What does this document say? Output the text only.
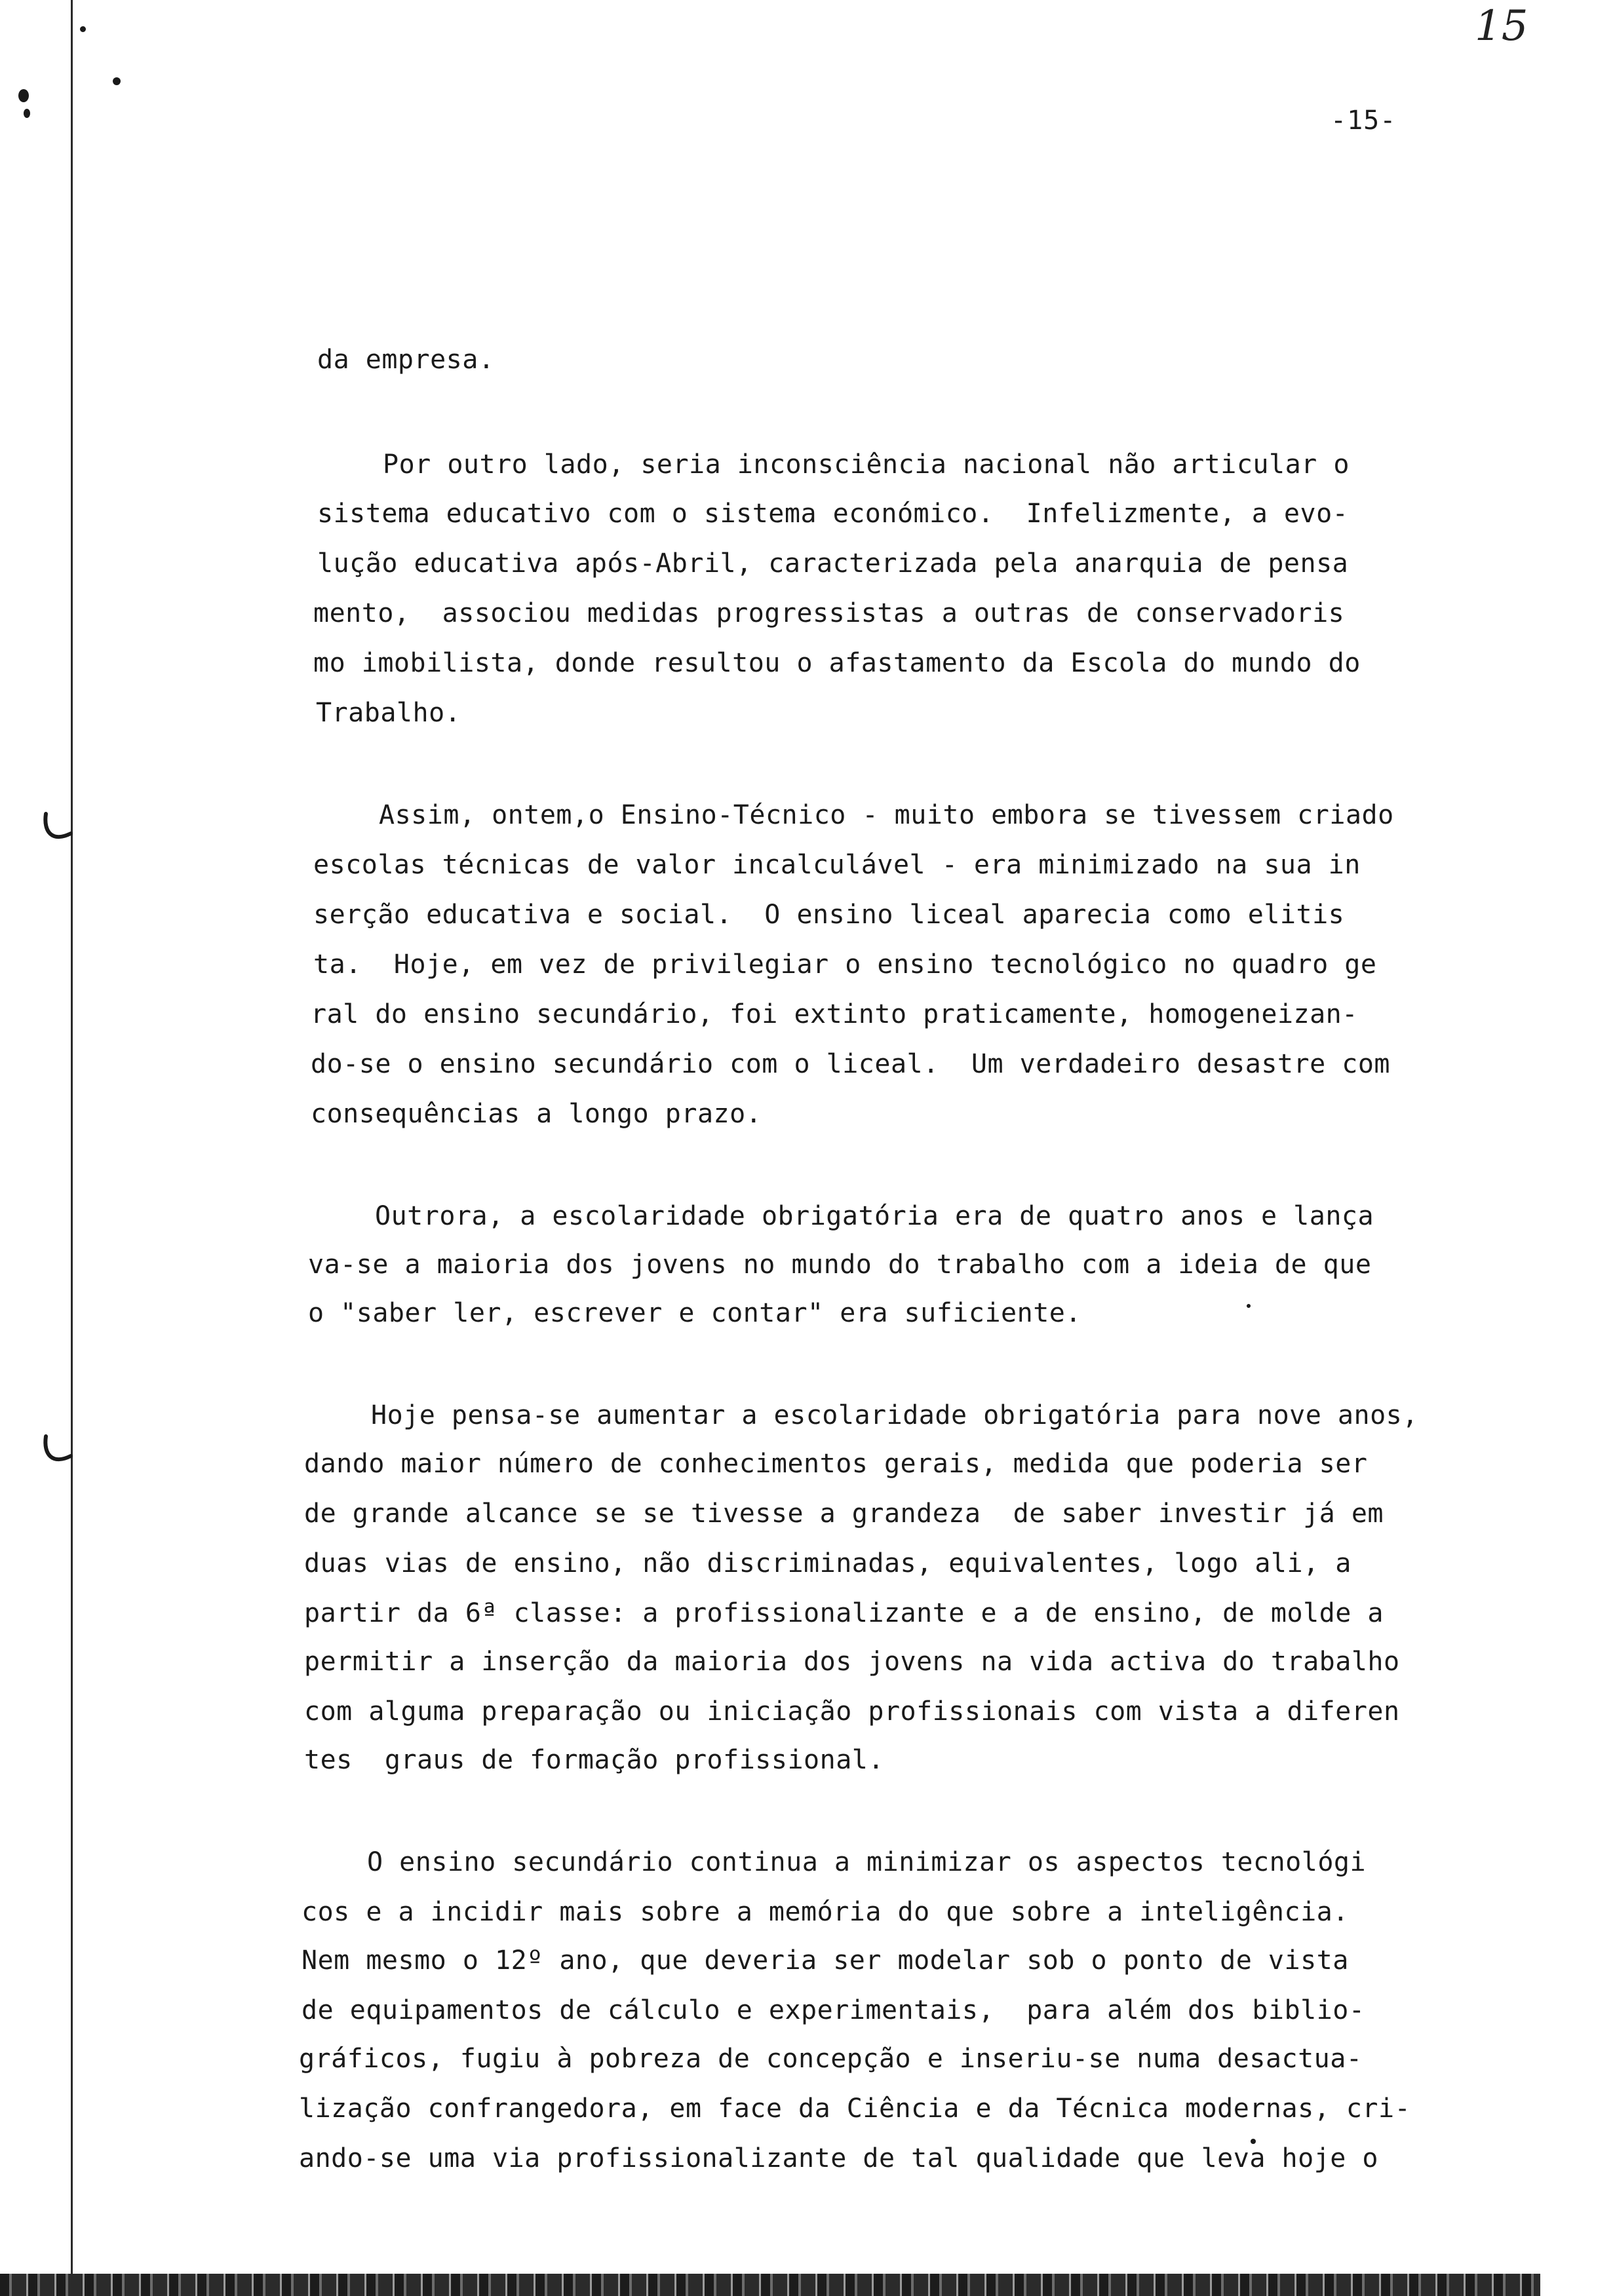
15
-15-
da empresa.
Por outro lado, seria inconsciência nacional não articular o
sistema educativo com o sistema económico.  Infelizmente, a evo-
lução educativa após-Abril, caracterizada pela anarquia de pensa
mento,  associou medidas progressistas a outras de conservadoris
mo imobilista, donde resultou o afastamento da Escola do mundo do
Trabalho.
Assim, ontem,o Ensino-Técnico - muito embora se tivessem criado
escolas técnicas de valor incalculável - era minimizado na sua in
serção educativa e social.  O ensino liceal aparecia como elitis
ta.  Hoje, em vez de privilegiar o ensino tecnológico no quadro ge
ral do ensino secundário, foi extinto praticamente, homogeneizan-
do-se o ensino secundário com o liceal.  Um verdadeiro desastre com
consequências a longo prazo.
Outrora, a escolaridade obrigatória era de quatro anos e lança
va-se a maioria dos jovens no mundo do trabalho com a ideia de que
o "saber ler, escrever e contar" era suficiente.
Hoje pensa-se aumentar a escolaridade obrigatória para nove anos,
dando maior número de conhecimentos gerais, medida que poderia ser
de grande alcance se se tivesse a grandeza  de saber investir já em
duas vias de ensino, não discriminadas, equivalentes, logo ali, a
partir da 6ª classe: a profissionalizante e a de ensino, de molde a
permitir a inserção da maioria dos jovens na vida activa do trabalho
com alguma preparação ou iniciação profissionais com vista a diferen
tes  graus de formação profissional.
O ensino secundário continua a minimizar os aspectos tecnológi
cos e a incidir mais sobre a memória do que sobre a inteligência.
Nem mesmo o 12º ano, que deveria ser modelar sob o ponto de vista
de equipamentos de cálculo e experimentais,  para além dos biblio-
gráficos, fugiu à pobreza de concepção e inseriu-se numa desactua-
lização confrangedora, em face da Ciência e da Técnica modernas, cri-
ando-se uma via profissionalizante de tal qualidade que leva hoje o
